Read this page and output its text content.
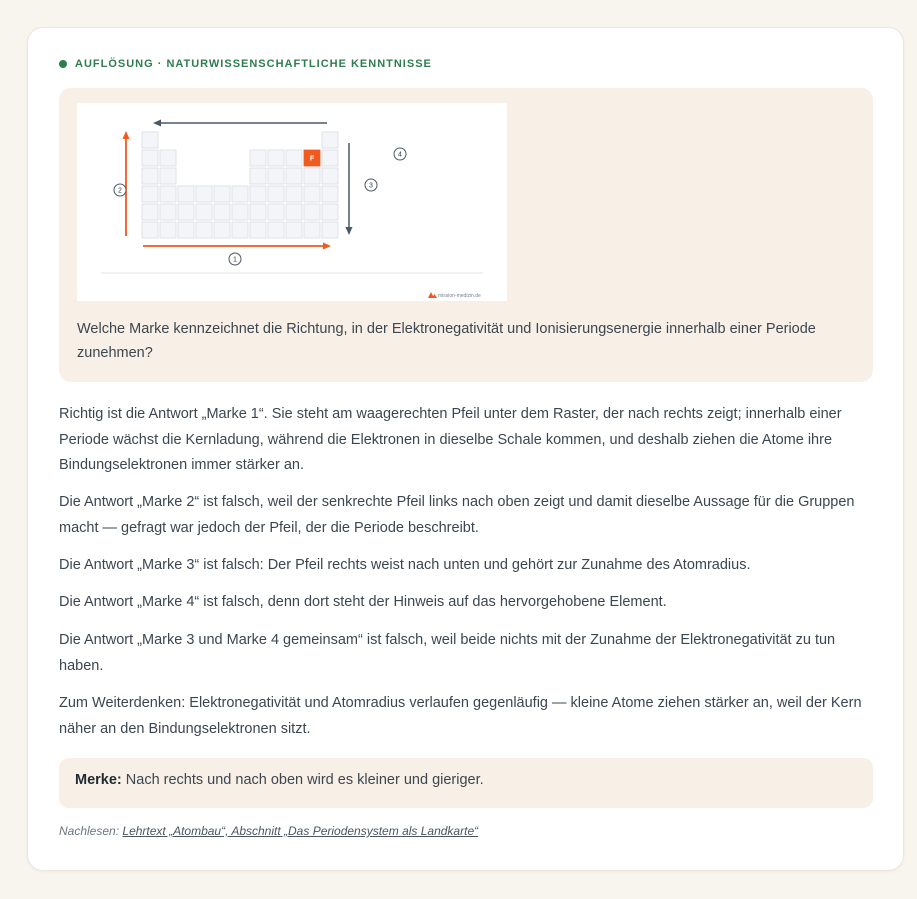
AUFLÖSUNG · NATURWISSENSCHAFTLICHE KENNTNISSE
F
1
2
3
4
mission-medizin.de
Welche Marke kennzeichnet die Richtung, in der Elektronegativität und Ionisierungsenergie innerhalb einer Periode zunehmen?

Richtig ist die Antwort „Marke 1“. Sie steht am waagerechten Pfeil unter dem Raster, der nach rechts zeigt; innerhalb einer Periode wächst die Kernladung, während die Elektronen in dieselbe Schale kommen, und deshalb ziehen die Atome ihre Bindungselektronen immer stärker an.

Die Antwort „Marke 2“ ist falsch, weil der senkrechte Pfeil links nach oben zeigt und damit dieselbe Aussage für die Gruppen macht — gefragt war jedoch der Pfeil, der die Periode beschreibt.

Die Antwort „Marke 3“ ist falsch: Der Pfeil rechts weist nach unten und gehört zur Zunahme des Atomradius.

Die Antwort „Marke 4“ ist falsch, denn dort steht der Hinweis auf das hervorgehobene Element.

Die Antwort „Marke 3 und Marke 4 gemeinsam“ ist falsch, weil beide nichts mit der Zunahme der Elektronegativität zu tun haben.

Zum Weiterdenken: Elektronegativität und Atomradius verlaufen gegenläufig — kleine Atome ziehen stärker an, weil der Kern näher an den Bindungselektronen sitzt.

Merke: Nach rechts und nach oben wird es kleiner und gieriger.
Nachlesen: Lehrtext „Atombau“, Abschnitt „Das Periodensystem als Landkarte“
